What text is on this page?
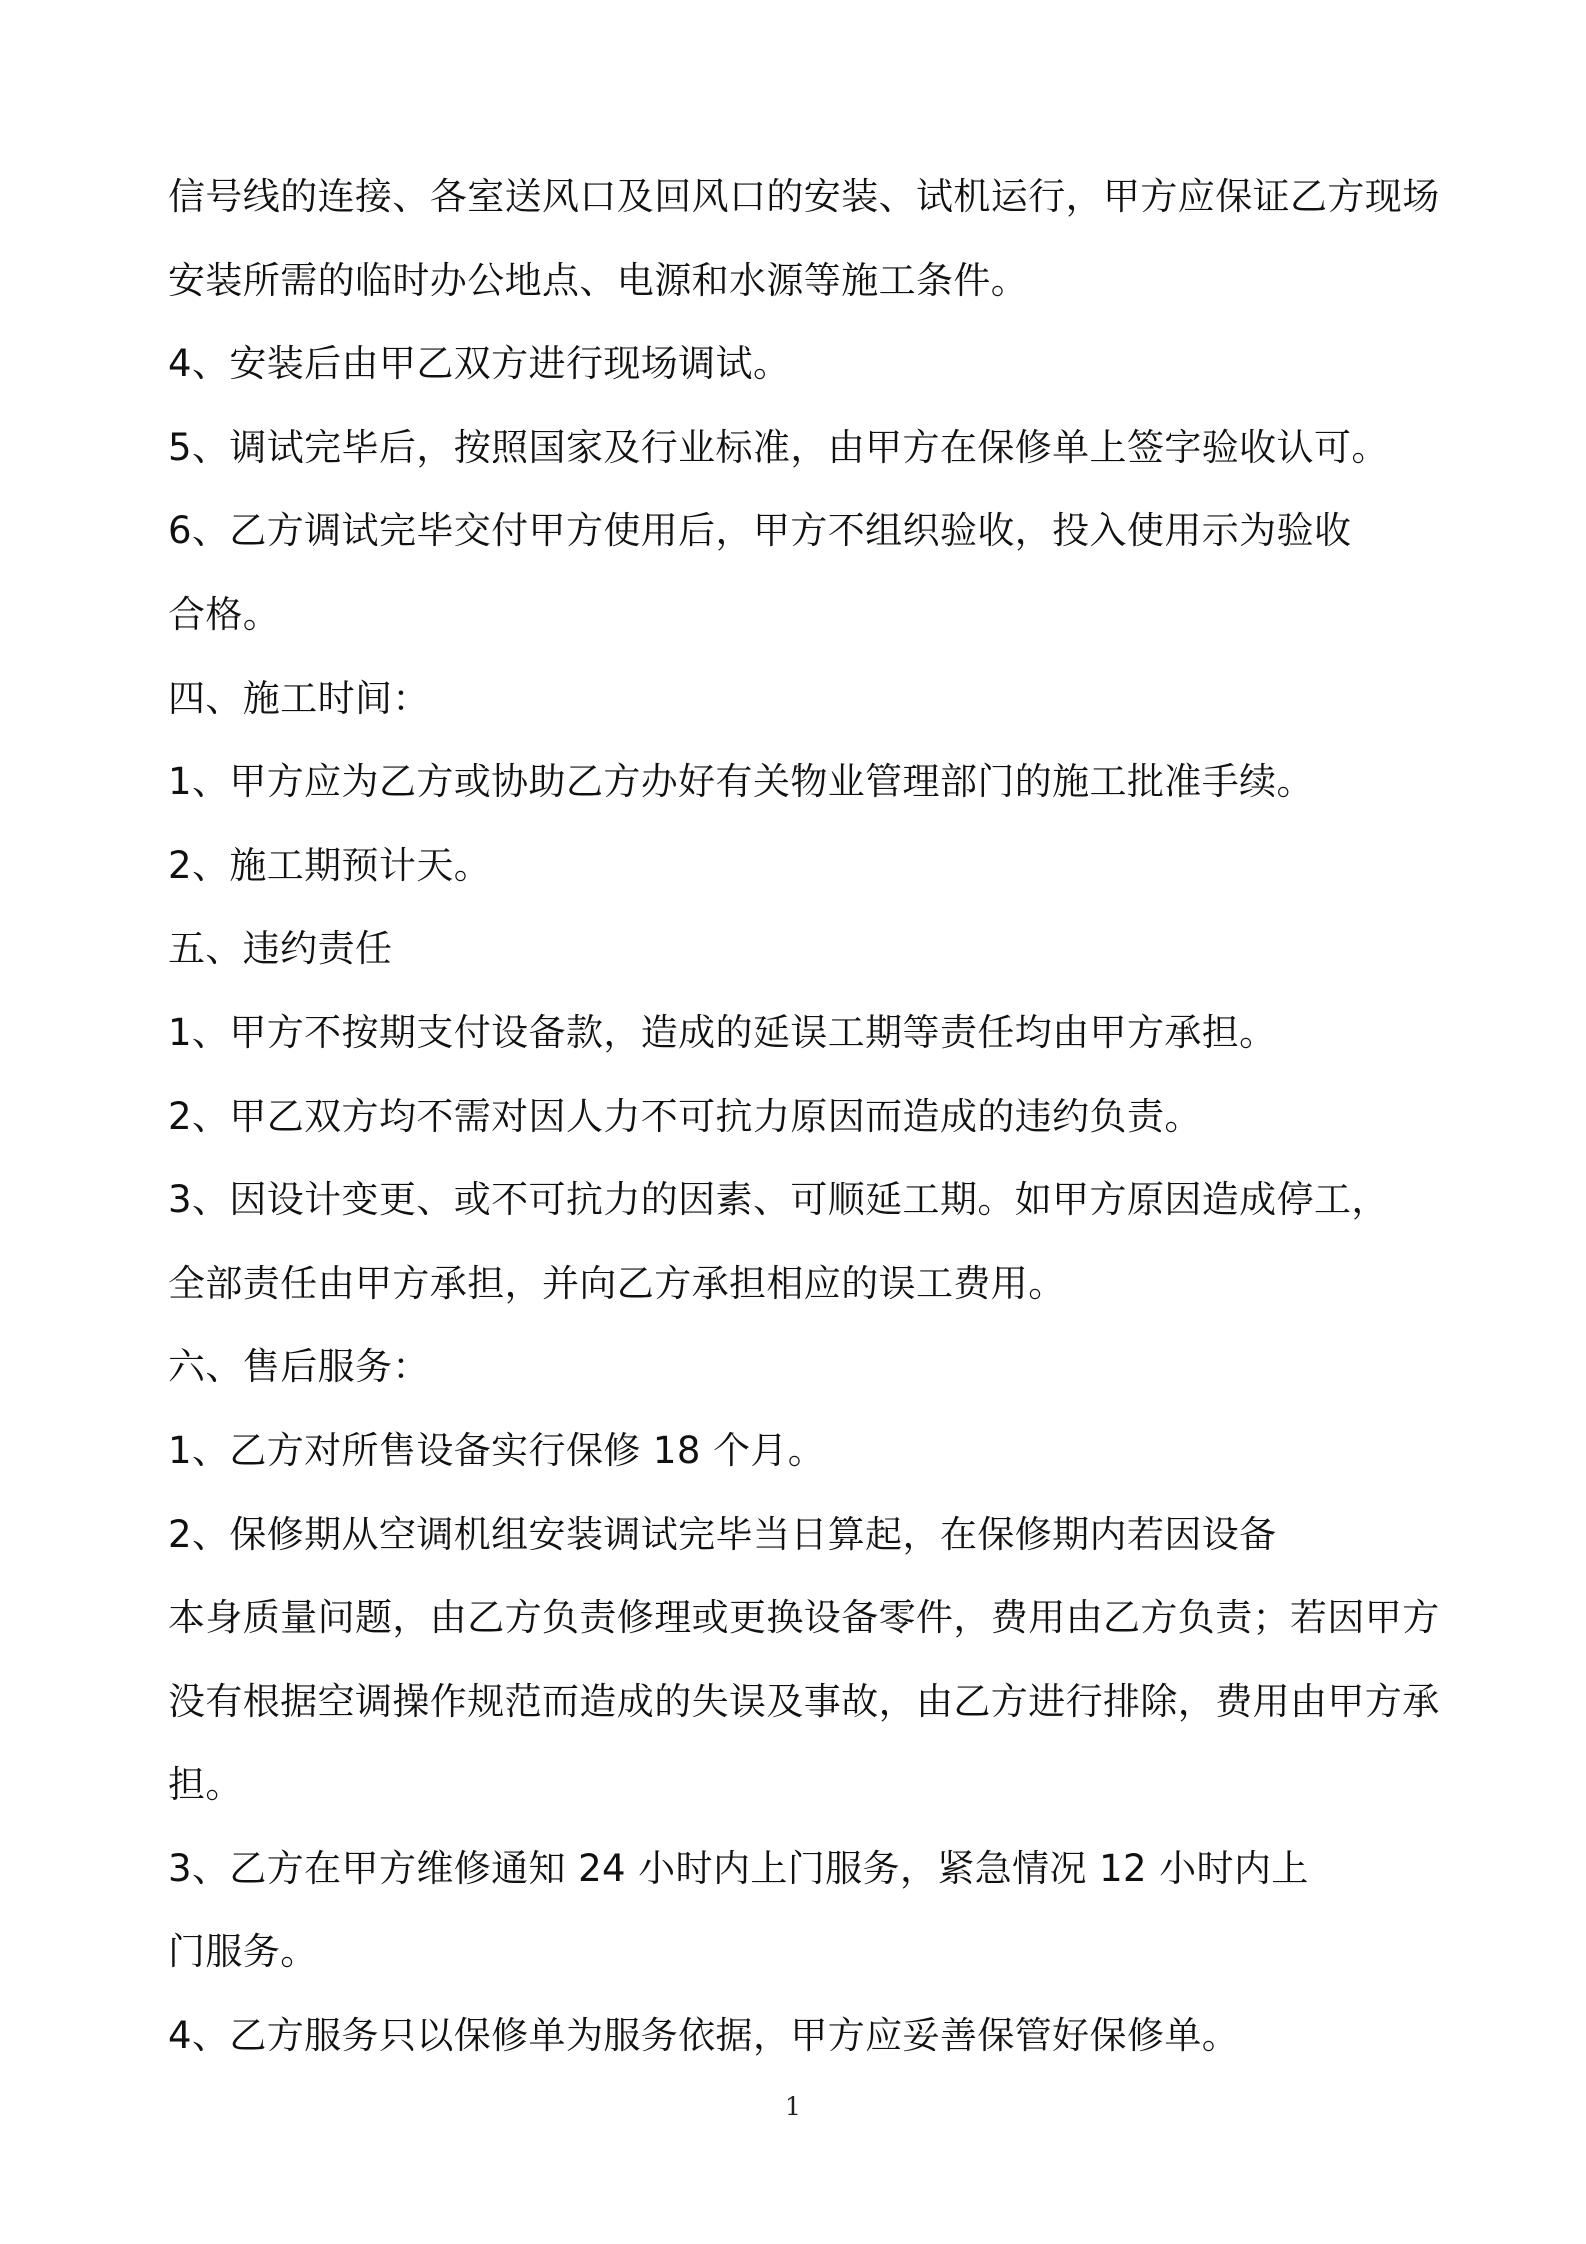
信号线的连接、各室送风口及回风口的安装、试机运行，甲方应保证乙方现场
安装所需的临时办公地点、电源和水源等施工条件。
4、安装后由甲乙双方进行现场调试。
5、调试完毕后，按照国家及行业标准，由甲方在保修单上签字验收认可。
6、乙方调试完毕交付甲方使用后，甲方不组织验收，投入使用示为验收
合格。
四、施工时间：
1、甲方应为乙方或协助乙方办好有关物业管理部门的施工批准手续。
2、施工期预计天。
五、违约责任
1、甲方不按期支付设备款，造成的延误工期等责任均由甲方承担。
2、甲乙双方均不需对因人力不可抗力原因而造成的违约负责。
3、因设计变更、或不可抗力的因素、可顺延工期。如甲方原因造成停工，
全部责任由甲方承担，并向乙方承担相应的误工费用。
六、售后服务：
1、乙方对所售设备实行保修 18 个月。
2、保修期从空调机组安装调试完毕当日算起，在保修期内若因设备
本身质量问题，由乙方负责修理或更换设备零件，费用由乙方负责；若因甲方
没有根据空调操作规范而造成的失误及事故，由乙方进行排除，费用由甲方承
担。
3、乙方在甲方维修通知 24 小时内上门服务，紧急情况 12 小时内上
门服务。
4、乙方服务只以保修单为服务依据，甲方应妥善保管好保修单。
1
